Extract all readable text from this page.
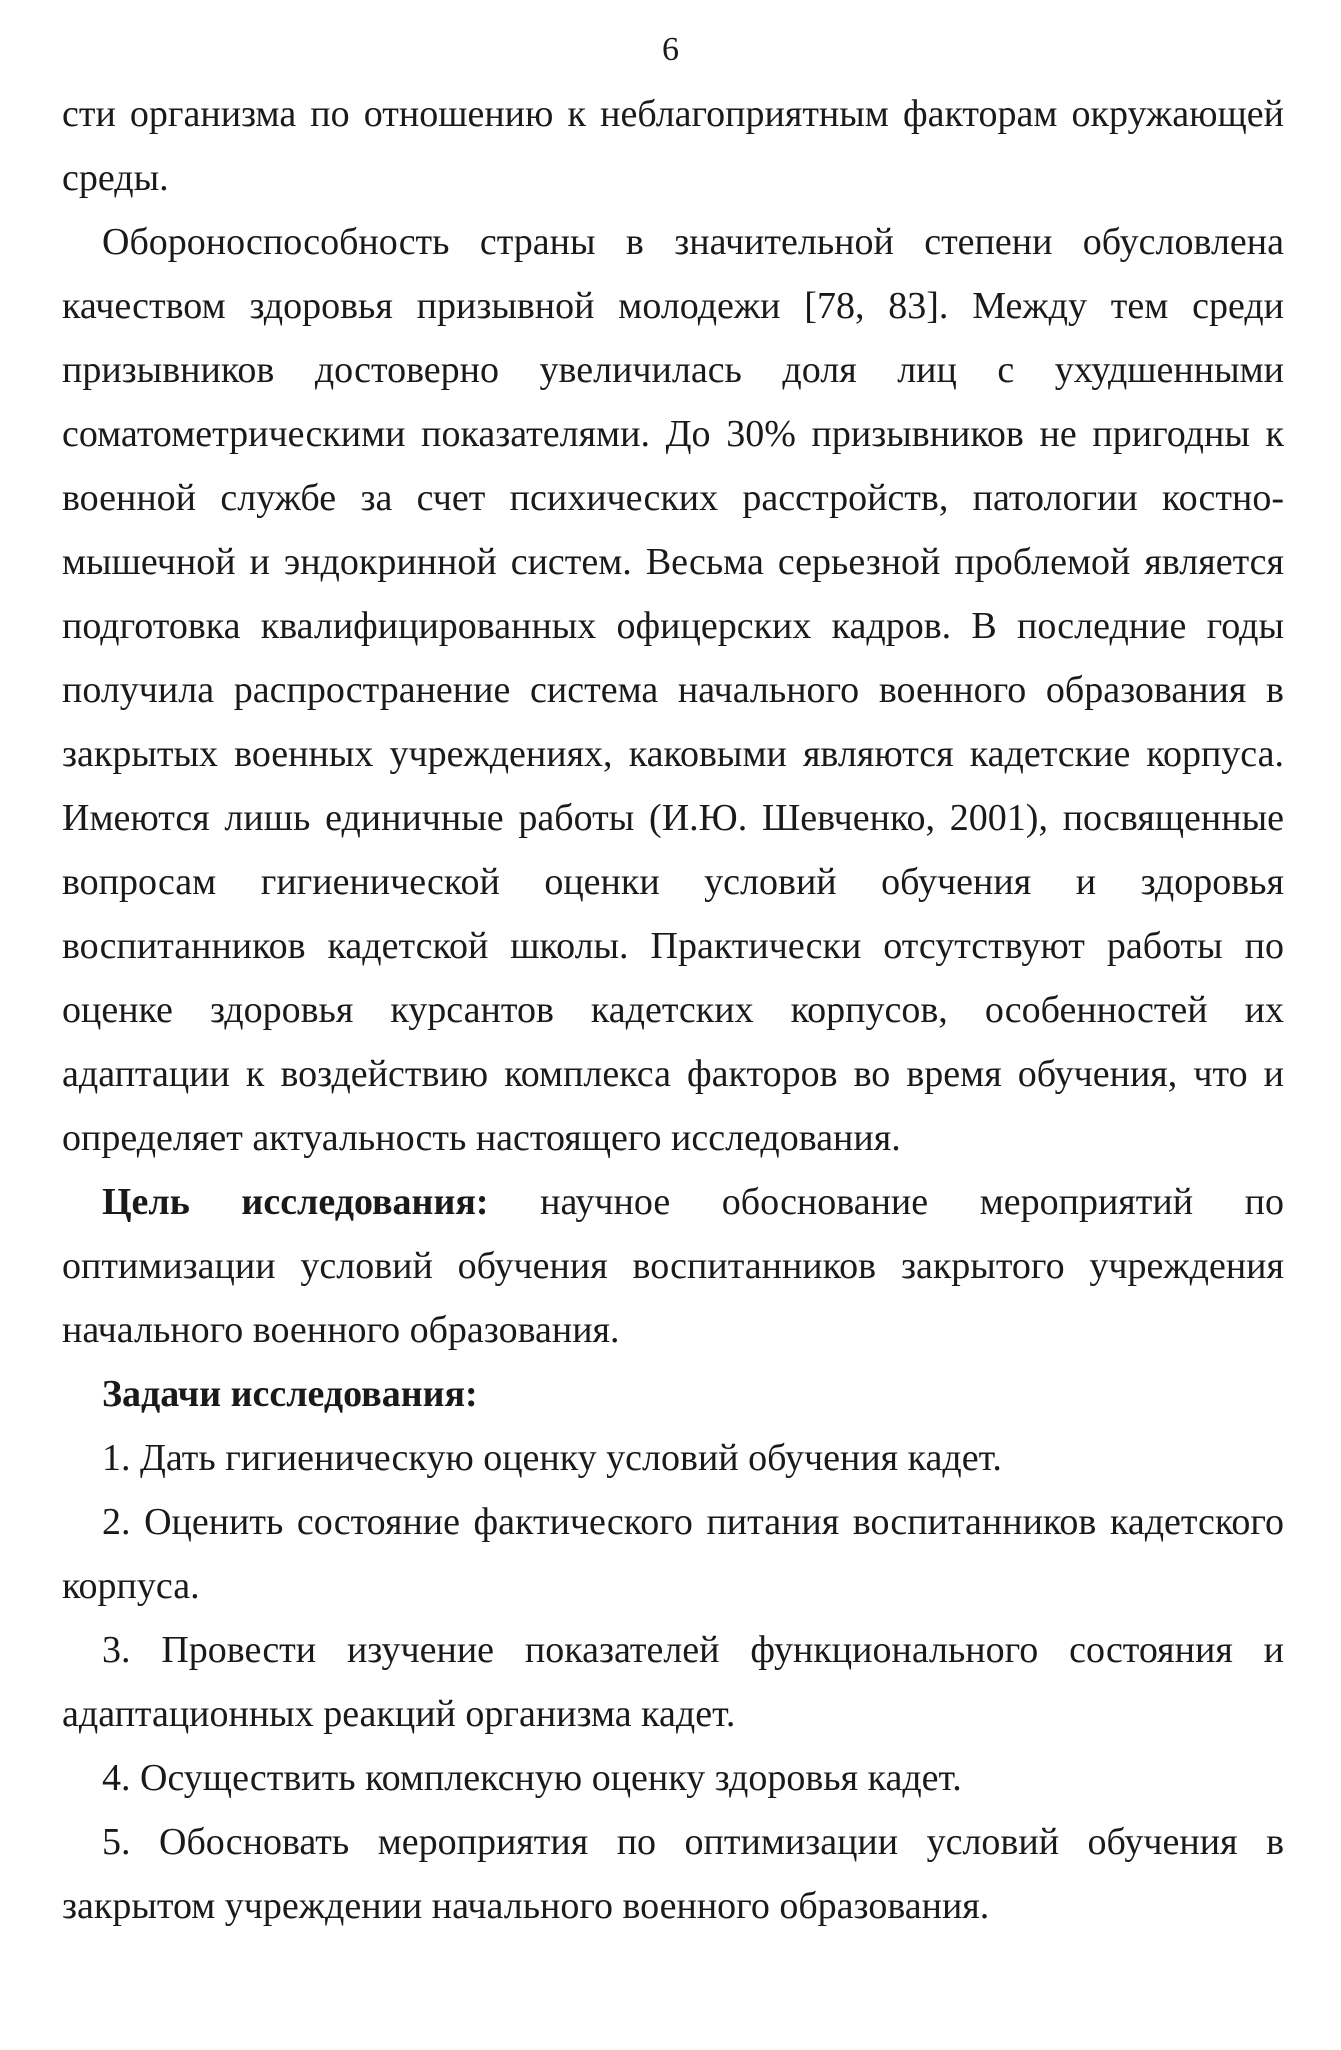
6

сти организма по отношению к неблагоприятным факторам окружающей среды.

Обороноспособность страны в значительной степени обусловлена качеством здоровья призывной молодежи [78, 83]. Между тем среди призывников достоверно увеличилась доля лиц с ухудшенными соматометрическими показателями. До 30% призывников не пригодны к военной службе за счет психических расстройств, патологии костно-мышечной и эндокринной систем. Весьма серьезной проблемой является подготовка квалифицированных офицерских кадров. В последние годы получила распространение система начального военного образования в закрытых военных учреждениях, каковыми являются кадетские корпуса. Имеются лишь единичные работы (И.Ю. Шевченко, 2001), посвященные вопросам гигиенической оценки условий обучения и здоровья воспитанников кадетской школы. Практически отсутствуют работы по оценке здоровья курсантов кадетских корпусов, особенностей их адаптации к воздействию комплекса факторов во время обучения, что и определяет актуальность настоящего исследования.

Цель исследования: научное обоснование мероприятий по оптимизации условий обучения воспитанников закрытого учреждения начального военного образования.

Задачи исследования:

1. Дать гигиеническую оценку условий обучения кадет.
2. Оценить состояние фактического питания воспитанников кадетского корпуса.
3. Провести изучение показателей функционального состояния и адаптационных реакций организма кадет.
4. Осуществить комплексную оценку здоровья кадет.
5. Обосновать мероприятия по оптимизации условий обучения в закрытом учреждении начального военного образования.
